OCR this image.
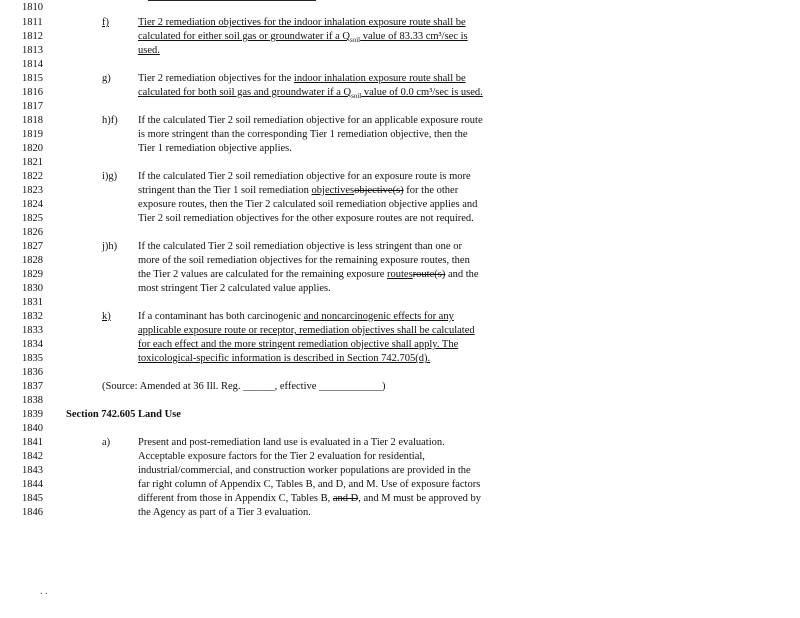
1810
1811
1812
1813
1814
1815
1816
1817
1818
1819
1820
1821
1822
1823
1824
1825
1826
1827
1828
1829
1830
1831
1832
1833
1834
1835
1836
1837
1838
1839
1840
1841
1842
1843
1844
1845
1846
f)	Tier 2 remediation objectives for the indoor inhalation exposure route shall be
calculated for either soil gas or groundwater if a $Q_{soil}$ value of 83.33 cm³/sec is
used.
g)	Tier 2 remediation objectives for the indoor inhalation exposure route shall be
calculated for both soil gas and groundwater if a $Q_{soil}$ value of 0.0 cm³/sec is used.
h)f) If the calculated Tier 2 soil remediation objective for an applicable exposure route
is more stringent than the corresponding Tier 1 remediation objective, then the
Tier 1 remediation objective applies.
i)g) If the calculated Tier 2 soil remediation objective for an exposure route is more
stringent than the Tier 1 soil remediation objectivesobjective(s) for the other
exposure routes, then the Tier 2 calculated soil remediation objective applies and
Tier 2 soil remediation objectives for the other exposure routes are not required.
j)h) If the calculated Tier 2 soil remediation objective is less stringent than one or
more of the soil remediation objectives for the remaining exposure routes, then
the Tier 2 values are calculated for the remaining exposure routesroute(s) and the
most stringent Tier 2 calculated value applies.
k)	If a contaminant has both carcinogenic and noncarcinogenic effects for any
applicable exposure route or receptor, remediation objectives shall be calculated
for each effect and the more stringent remediation objective shall apply. The
toxicological-specific information is described in Section 742.705(d).
(Source: Amended at 36 Ill. Reg. ______, effective ____________)
Section 742.605 Land Use
a)	Present and post-remediation land use is evaluated in a Tier 2 evaluation.
Acceptable exposure factors for the Tier 2 evaluation for residential,
industrial/commercial, and construction worker populations are provided in the
far right column of Appendix C, Tables B, and D, and M. Use of exposure factors
different from those in Appendix C, Tables B, and D, and M must be approved by
the Agency as part of a Tier 3 evaluation.
. .
